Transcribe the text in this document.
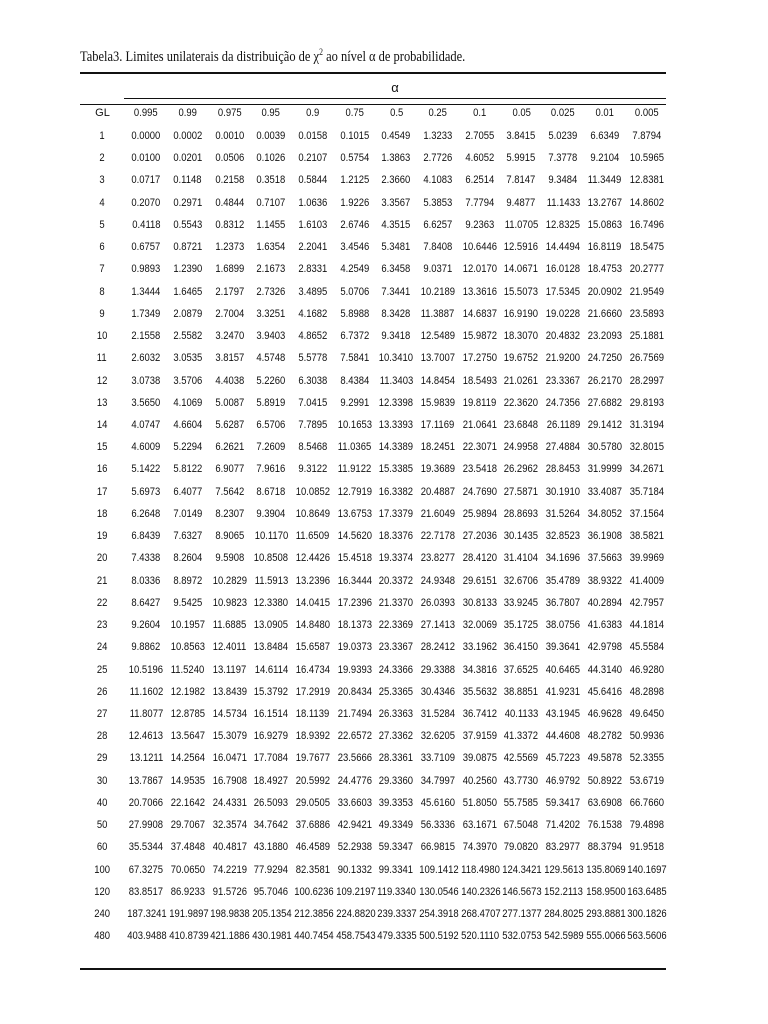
Tabela3. Limites unilaterais da distribuição de $\chi^2$ ao nível α de probabilidade.
α
GL	0.995	0.99	0.975	0.95	0.9	0.75	0.5	0.25	0.1	0.05	0.025	0.01	0.005
1	0.0000	0.0002	0.0010	0.0039	0.0158	0.1015	0.4549	1.3233	2.7055	3.8415	5.0239	6.6349	7.8794
2	0.0100	0.0201	0.0506	0.1026	0.2107	0.5754	1.3863	2.7726	4.6052	5.9915	7.3778	9.2104 10.5965
3	0.0717	0.1148	0.2158	0.3518	0.5844	1.2125	2.3660	4.1083	6.2514	7.8147	9.3484 11.3449 12.8381
4	0.2070	0.2971	0.4844	0.7107	1.0636	1.9226	3.3567	5.3853	7.7794	9.4877 11.1433 13.2767 14.8602
5	0.4118	0.5543	0.8312	1.1455	1.6103	2.6746	4.3515	6.6257	9.2363 11.0705 12.8325 15.0863 16.7496
6	0.6757	0.8721	1.2373	1.6354	2.2041	3.4546	5.3481	7.8408 10.6446 12.5916 14.4494 16.8119 18.5475
7	0.9893	1.2390	1.6899	2.1673	2.8331	4.2549	6.3458	9.0371 12.0170 14.0671 16.0128 18.4753 20.2777
8	1.3444	1.6465	2.1797	2.7326	3.4895	5.0706	7.3441 10.2189 13.3616 15.5073 17.5345 20.0902 21.9549
9	1.7349	2.0879	2.7004	3.3251	4.1682	5.8988	8.3428 11.3887 14.6837 16.9190 19.0228 21.6660 23.5893
10	2.1558	2.5582	3.2470	3.9403	4.8652	6.7372	9.3418 12.5489 15.9872 18.3070 20.4832 23.2093 25.1881
11	2.6032	3.0535	3.8157	4.5748	5.5778	7.5841 10.3410 13.7007 17.2750 19.6752 21.9200 24.7250 26.7569
12	3.0738	3.5706	4.4038	5.2260	6.3038	8.4384 11.3403 14.8454 18.5493 21.0261 23.3367 26.2170 28.2997
13	3.5650	4.1069	5.0087	5.8919	7.0415	9.2991 12.3398 15.9839 19.8119 22.3620 24.7356 27.6882 29.8193
14	4.0747	4.6604	5.6287	6.5706	7.7895 10.1653 13.3393 17.1169 21.0641 23.6848 26.1189 29.1412 31.3194
15	4.6009	5.2294	6.2621	7.2609	8.5468 11.0365 14.3389 18.2451 22.3071 24.9958 27.4884 30.5780 32.8015
16	5.1422	5.8122	6.9077	7.9616	9.3122 11.9122 15.3385 19.3689 23.5418 26.2962 28.8453 31.9999 34.2671
17	5.6973	6.4077	7.5642	8.6718 10.0852 12.7919 16.3382 20.4887 24.7690 27.5871 30.1910 33.4087 35.7184
18	6.2648	7.0149	8.2307	9.3904 10.8649 13.6753 17.3379 21.6049 25.9894 28.8693 31.5264 34.8052 37.1564
19	6.8439	7.6327	8.9065 10.1170 11.6509 14.5620 18.3376 22.7178 27.2036 30.1435 32.8523 36.1908 38.5821
20	7.4338	8.2604	9.5908 10.8508 12.4426 15.4518 19.3374 23.8277 28.4120 31.4104 34.1696 37.5663 39.9969
21	8.0336	8.8972 10.2829 11.5913 13.2396 16.3444 20.3372 24.9348 29.6151 32.6706 35.4789 38.9322 41.4009
22	8.6427	9.5425 10.9823 12.3380 14.0415 17.2396 21.3370 26.0393 30.8133 33.9245 36.7807 40.2894 42.7957
23	9.2604 10.1957 11.6885 13.0905 14.8480 18.1373 22.3369 27.1413 32.0069 35.1725 38.0756 41.6383 44.1814
24	9.8862 10.8563 12.4011 13.8484 15.6587 19.0373 23.3367 28.2412 33.1962 36.4150 39.3641 42.9798 45.5584
25	10.5196 11.5240 13.1197 14.6114 16.4734 19.9393 24.3366 29.3388 34.3816 37.6525 40.6465 44.3140 46.9280
26	11.1602 12.1982 13.8439 15.3792 17.2919 20.8434 25.3365 30.4346 35.5632 38.8851 41.9231 45.6416 48.2898
27	11.8077 12.8785 14.5734 16.1514 18.1139 21.7494 26.3363 31.5284 36.7412 40.1133 43.1945 46.9628 49.6450
28	12.4613 13.5647 15.3079 16.9279 18.9392 22.6572 27.3362 32.6205 37.9159 41.3372 44.4608 48.2782 50.9936
29	13.1211 14.2564 16.0471 17.7084 19.7677 23.5666 28.3361 33.7109 39.0875 42.5569 45.7223 49.5878 52.3355
30	13.7867 14.9535 16.7908 18.4927 20.5992 24.4776 29.3360 34.7997 40.2560 43.7730 46.9792 50.8922 53.6719
40	20.7066 22.1642 24.4331 26.5093 29.0505 33.6603 39.3353 45.6160 51.8050 55.7585 59.3417 63.6908 66.7660
50	27.9908 29.7067 32.3574 34.7642 37.6886 42.9421 49.3349 56.3336 63.1671 67.5048 71.4202 76.1538 79.4898
60	35.5344 37.4848 40.4817 43.1880 46.4589 52.2938 59.3347 66.9815 74.3970 79.0820 83.2977 88.3794 91.9518
100	67.3275 70.0650 74.2219 77.9294 82.3581 90.1332 99.3341 109.1412 118.4980 124.3421 129.5613 135.8069 140.1697
120	83.8517 86.9233 91.5726 95.7046 100.6236 109.2197 119.3340 130.0546 140.2326 146.5673 152.2113 158.9500 163.6485
240	187.3241 191.9897 198.9838 205.1354 212.3856 224.8820 239.3337 254.3918 268.4707 277.1377 284.8025 293.8881 300.1826
480	403.9488 410.8739 421.1886 430.1981 440.7454 458.7543 479.3335 500.5192 520.1110 532.0753 542.5989 555.0066 563.5606
